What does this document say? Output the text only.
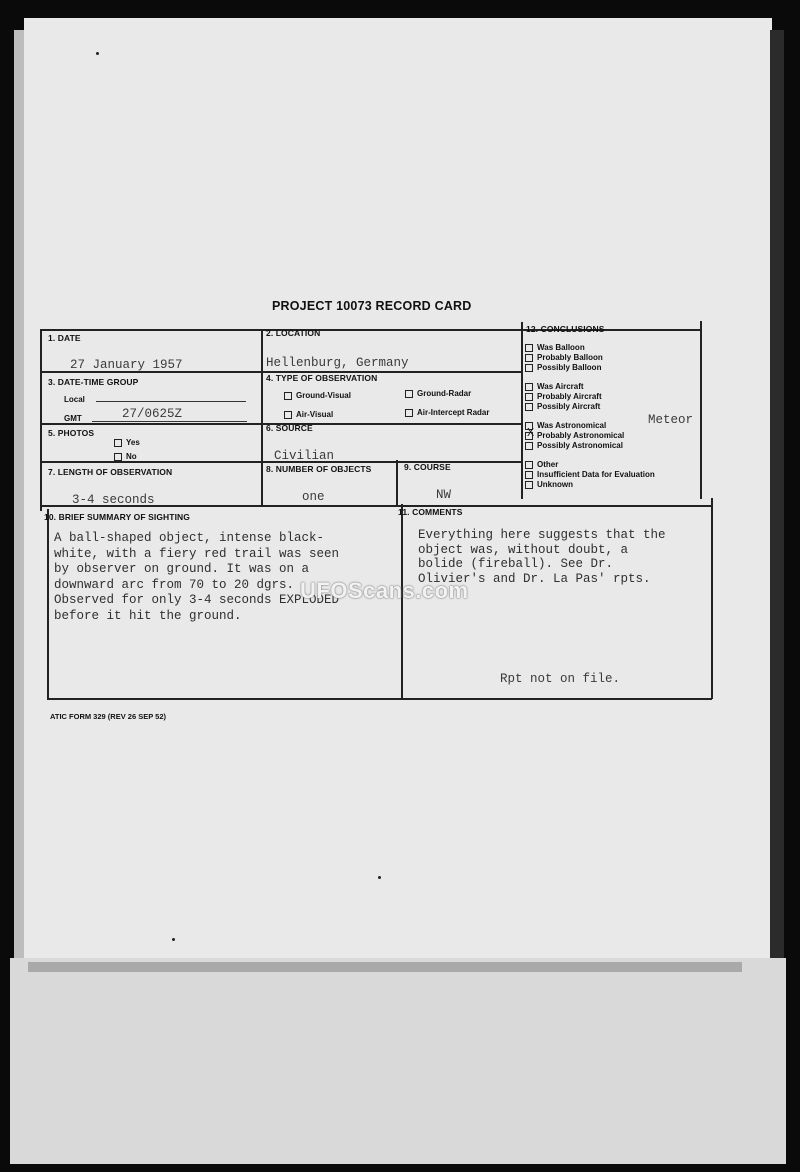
PROJECT 10073 RECORD CARD
1. DATE
27 January 1957
2. LOCATION
Hellenburg, Germany
3. DATE-TIME GROUP
Local
GMT	27/0625Z
4. TYPE OF OBSERVATION
Ground-Visual	Ground-Radar
Air-Visual	Air-Intercept Radar
5. PHOTOS
Yes
No
6. SOURCE
Civilian
7. LENGTH OF OBSERVATION
3-4 seconds
8. NUMBER OF OBJECTS
one
9. COURSE
NW
12. CONCLUSIONS
Was Balloon
Probably Balloon
Possibly Balloon
Was Aircraft
Probably Aircraft
Possibly Aircraft
Was Astronomical	Meteor
Probably Astronomical
X
Possibly Astronomical
Other
Insufficient Data for Evaluation
Unknown
10. BRIEF SUMMARY OF SIGHTING
A ball-shaped object, intense black-
white, with a fiery red trail was seen
by observer on ground. It was on a
downward arc from 70 to 20 dgrs.
Observed for only 3-4 seconds EXPLODED
before it hit the ground.
11. COMMENTS
Everything here suggests that the
object was, without doubt, a
bolide (fireball). See Dr.
Olivier's and Dr. La Pas' rpts.
Rpt not on file.
UFOScans.com
ATIC FORM 329 (REV 26 SEP 52)
